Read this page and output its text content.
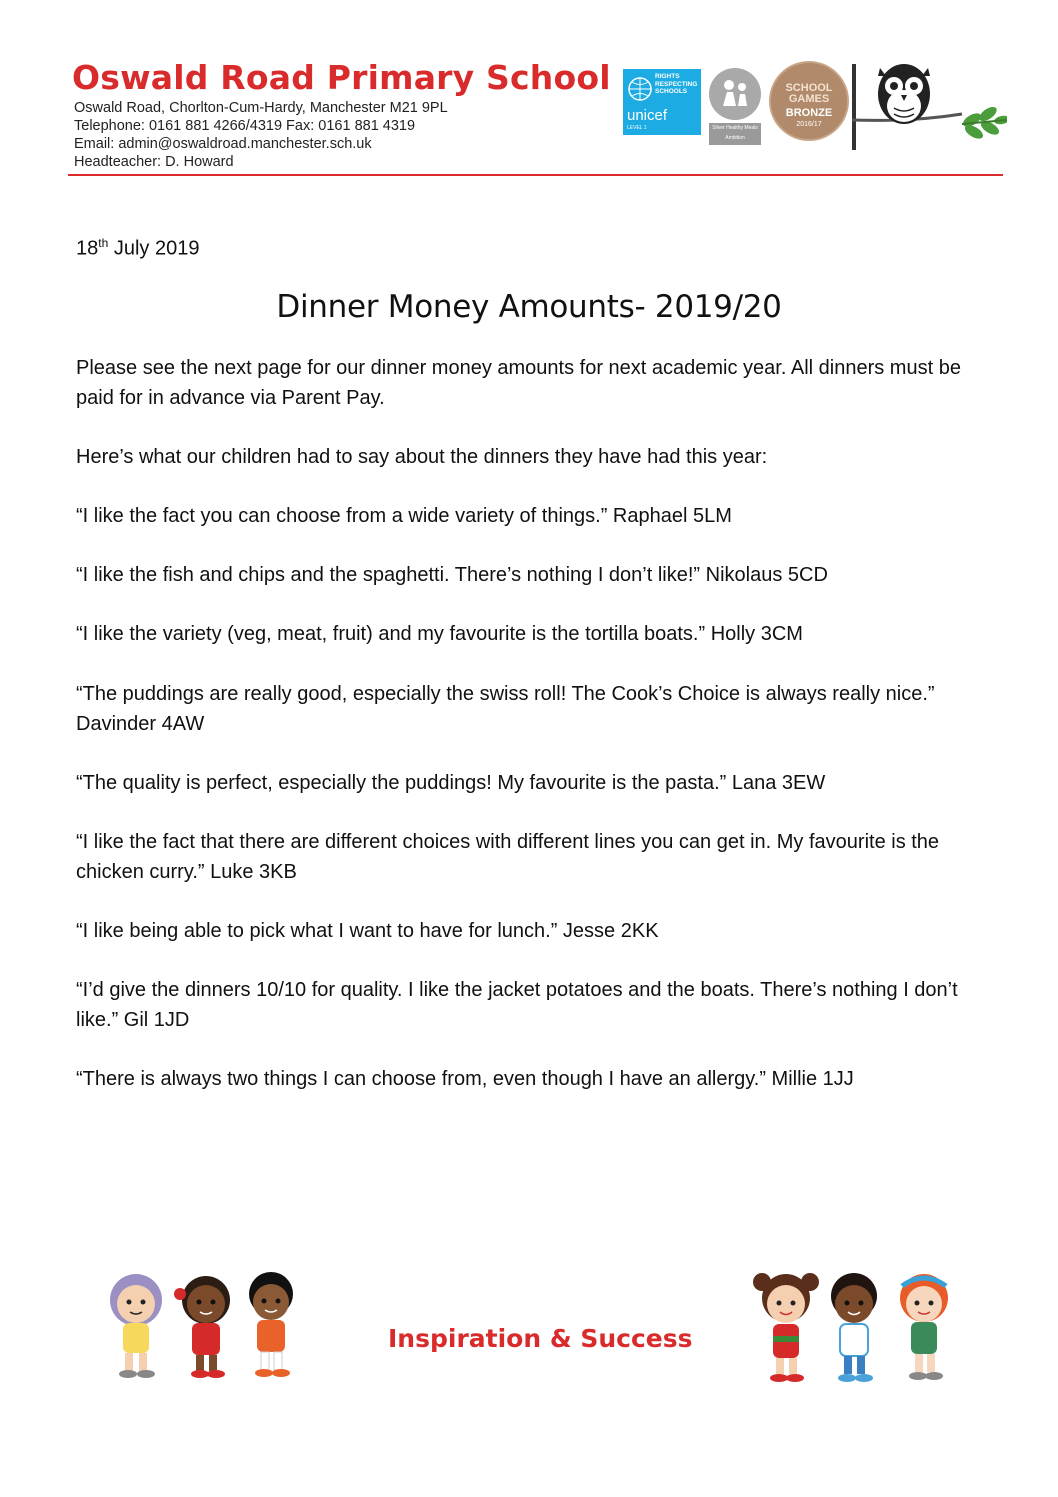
Oswald Road Primary School
Oswald Road, Chorlton-Cum-Hardy, Manchester M21 9PL
Telephone: 0161 881 4266/4319 Fax: 0161 881 4319
Email: admin@oswaldroad.manchester.sch.uk
Headteacher: D. Howard
RIGHTS RESPECTING SCHOOLS
unicef
LEVEL 1	Silver Healthy Meals Ambition
SCHOOL GAMES
BRONZE
2016/17
18th July 2019
Dinner Money Amounts- 2019/20
Please see the next page for our dinner money amounts for next academic year. All dinners must be paid for in advance via Parent Pay.
Here’s what our children had to say about the dinners they have had this year:
“I like the fact you can choose from a wide variety of things.” Raphael 5LM
“I like the fish and chips and the spaghetti. There’s nothing I don’t like!” Nikolaus 5CD
“I like the variety (veg, meat, fruit) and my favourite is the tortilla boats.” Holly 3CM
“The puddings are really good, especially the swiss roll! The Cook’s Choice is always really nice.” Davinder 4AW
“The quality is perfect, especially the puddings! My favourite is the pasta.” Lana 3EW
“I like the fact that there are different choices with different lines you can get in. My favourite is the chicken curry.” Luke 3KB
“I like being able to pick what I want to have for lunch.” Jesse 2KK
“I’d give the dinners 10/10 for quality. I like the jacket potatoes and the boats. There’s nothing I don’t like.” Gil 1JD
“There is always two things I can choose from, even though I have an allergy.” Millie 1JJ
Inspiration & Success
